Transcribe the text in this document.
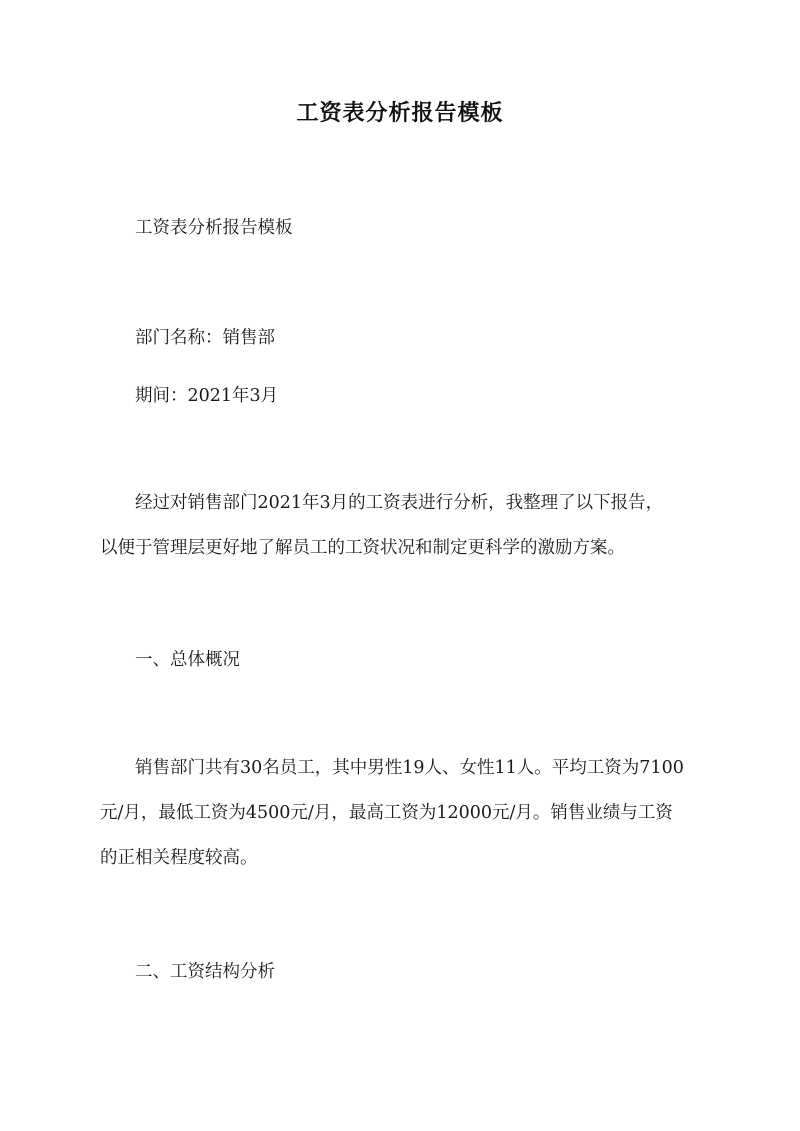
工资表分析报告模板

工资表分析报告模板

部门名称：销售部

期间：2021年3月

经过对销售部门2021年3月的工资表进行分析，我整理了以下报告，
以便于管理层更好地了解员工的工资状况和制定更科学的激励方案。

一、总体概况

销售部门共有30名员工，其中男性19人、女性11人。平均工资为7100
元/月，最低工资为4500元/月，最高工资为12000元/月。销售业绩与工资
的正相关程度较高。

二、工资结构分析
